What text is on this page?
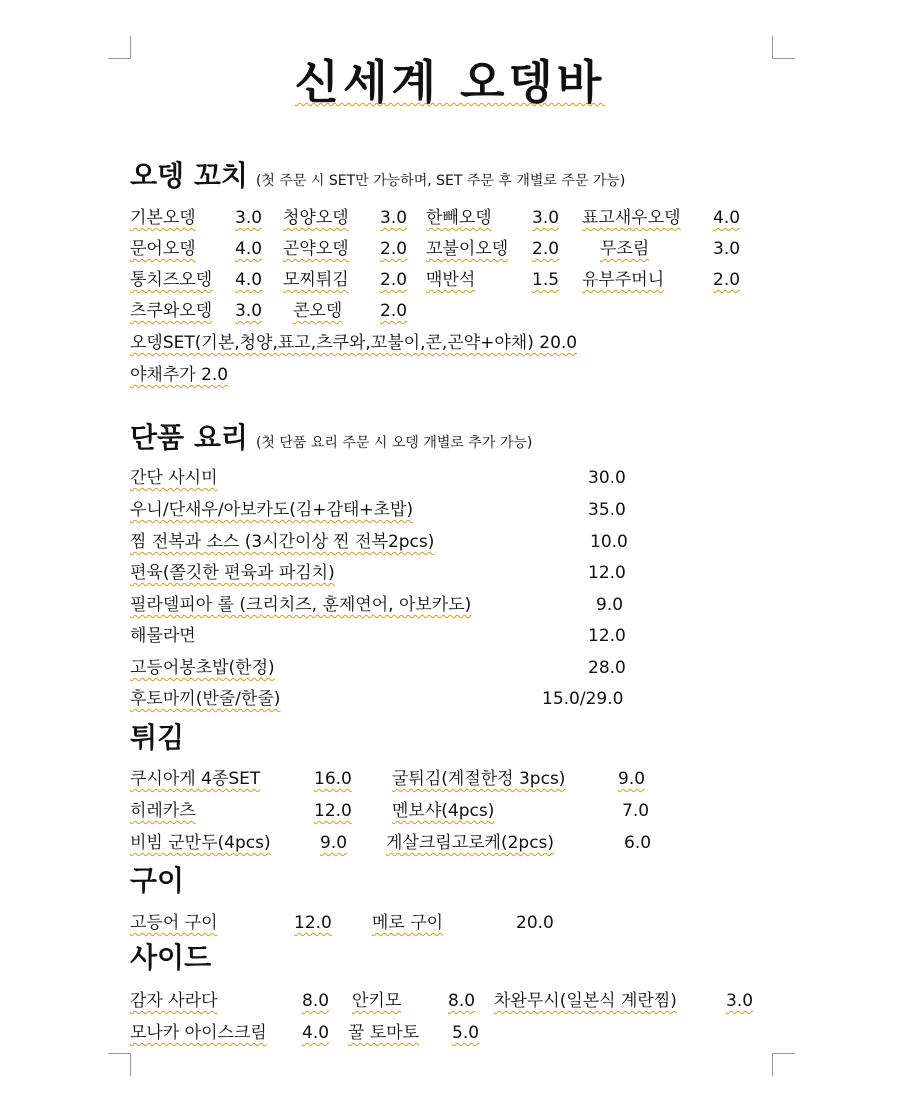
신세계 오뎅바
오뎅 꼬치 (첫 주문 시 SET만 가능하며, SET 주문 후 개별로 주문 가능)
기본오뎅 3.0 청양오뎅 3.0 한빼오뎅 3.0 표고새우오뎅 4.0
문어오뎅 4.0 곤약오뎅 2.0 꼬불이오뎅 2.0 무조림	3.0
통치즈오뎅 4.0 모찌튀김 2.0 맥반석	1.5 유부주머니	2.0
츠쿠와오뎅 3.0 콘오뎅 2.0
오뎅SET(기본,청양,표고,츠쿠와,꼬불이,콘,곤약+야채) 20.0
야채추가 2.0
단품 요리 (첫 단품 요리 주문 시 오뎅 개별로 추가 가능)
간단 사시미	30.0
우니/단새우/아보카도(김+감태+초밥)	35.0
찜 전복과 소스 (3시간이상 찐 전복2pcs)	10.0
편육(쫄깃한 편육과 파김치)	12.0
필라델피아 롤 (크리치즈, 훈제연어, 아보카도)	9.0
해물라면	12.0
고등어봉초밥(한정)	28.0
후토마끼(반줄/한줄)	15.0/29.0
튀김
쿠시아게 4종SET	16.0 굴튀김(계절한정 3pcs)	9.0
히레카츠	12.0 멘보샤(4pcs)	7.0
비빔 군만두(4pcs)	9.0 게살크림고로케(2pcs)	6.0
구이
고등어 구이	12.0 메로 구이	20.0
사이드
감자 사라다	8.0 안키모	8.0 차완무시(일본식 계란찜)	3.0
모나카 아이스크림 4.0 꿀 토마토 5.0
